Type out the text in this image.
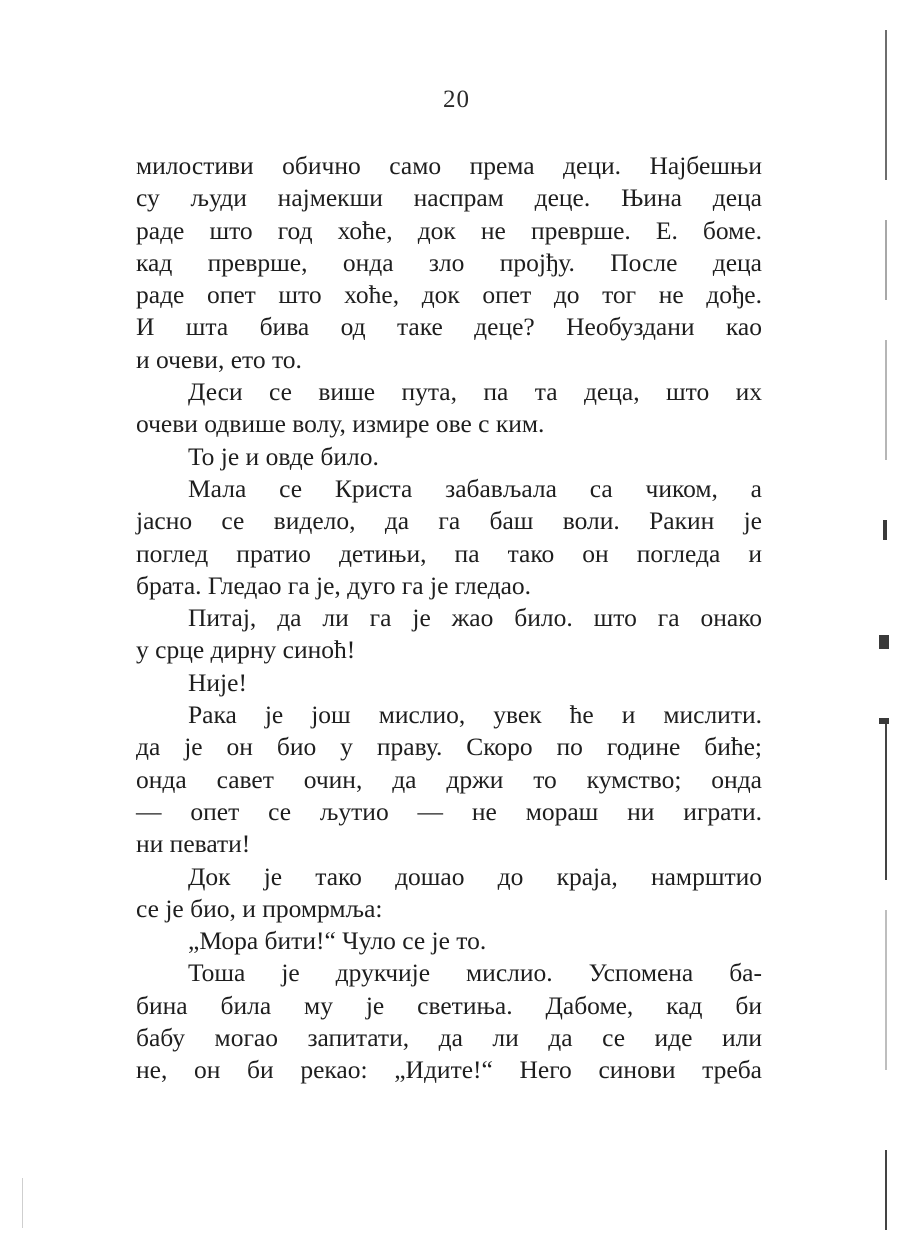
20
милостиви обично само према деци. Најбешњи
су људи најмекши наспрам деце. Њина деца
раде што год хоће, док не преврше. Е. боме.
кад преврше, онда зло пројђу. После деца
раде опет што хоће, док опет до тог не дође.
И шта бива од таке деце? Необуздани као
и очеви, ето то.
Деси се више пута, па та деца, што их
очеви одвише волу, измире ове с ким.
То је и овде било.
Мала се Криста забављала са чиком, а
јасно се видело, да га баш воли. Ракин је
поглед пратио детињи, па тако он погледа и
брата. Гледао га је, дуго га је гледао.
Питај, да ли га је жао било. што га онако
у срце дирну синоћ!
Није!
Рака је још мислио, увек ће и мислити.
да је он био у праву. Скоро по године биће;
онда савет очин, да држи то кумство; онда
— опет се љутио — не мораш ни играти.
ни певати!
Док је тако дошао до краја, намрштио
се је био, и промрмља:
„Мора бити!“ Чуло се је то.
Тоша је друкчије мислио. Успомена ба-
бина била му је светиња. Дабоме, кад би
бабу могао запитати, да ли да се иде или
не, он би рекао: „Идите!“ Него синови треба
